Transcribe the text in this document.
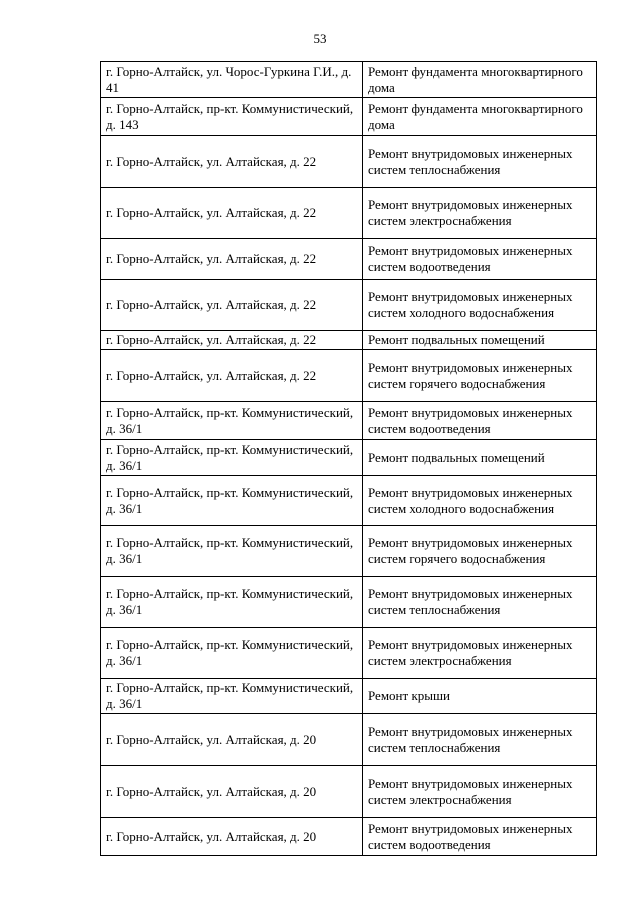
53
г. Горно-Алтайск, ул. Чорос-Гуркина Г.И., д. 41	Ремонт фундамента многоквартирного дома
г. Горно-Алтайск, пр-кт. Коммунистический, д. 143	Ремонт фундамента многоквартирного дома
г. Горно-Алтайск, ул. Алтайская, д. 22	Ремонт внутридомовых инженерных систем теплоснабжения
г. Горно-Алтайск, ул. Алтайская, д. 22	Ремонт внутридомовых инженерных систем электроснабжения
г. Горно-Алтайск, ул. Алтайская, д. 22	Ремонт внутридомовых инженерных систем водоотведения
г. Горно-Алтайск, ул. Алтайская, д. 22	Ремонт внутридомовых инженерных систем холодного водоснабжения
г. Горно-Алтайск, ул. Алтайская, д. 22	Ремонт подвальных помещений
г. Горно-Алтайск, ул. Алтайская, д. 22	Ремонт внутридомовых инженерных систем горячего водоснабжения
г. Горно-Алтайск, пр-кт. Коммунистический, д. 36/1	Ремонт внутридомовых инженерных систем водоотведения
г. Горно-Алтайск, пр-кт. Коммунистический, д. 36/1	Ремонт подвальных помещений
г. Горно-Алтайск, пр-кт. Коммунистический, д. 36/1	Ремонт внутридомовых инженерных систем холодного водоснабжения
г. Горно-Алтайск, пр-кт. Коммунистический, д. 36/1	Ремонт внутридомовых инженерных систем горячего водоснабжения
г. Горно-Алтайск, пр-кт. Коммунистический, д. 36/1	Ремонт внутридомовых инженерных систем теплоснабжения
г. Горно-Алтайск, пр-кт. Коммунистический, д. 36/1	Ремонт внутридомовых инженерных систем электроснабжения
г. Горно-Алтайск, пр-кт. Коммунистический, д. 36/1	Ремонт крыши
г. Горно-Алтайск, ул. Алтайская, д. 20	Ремонт внутридомовых инженерных систем теплоснабжения
г. Горно-Алтайск, ул. Алтайская, д. 20	Ремонт внутридомовых инженерных систем электроснабжения
г. Горно-Алтайск, ул. Алтайская, д. 20	Ремонт внутридомовых инженерных систем водоотведения
